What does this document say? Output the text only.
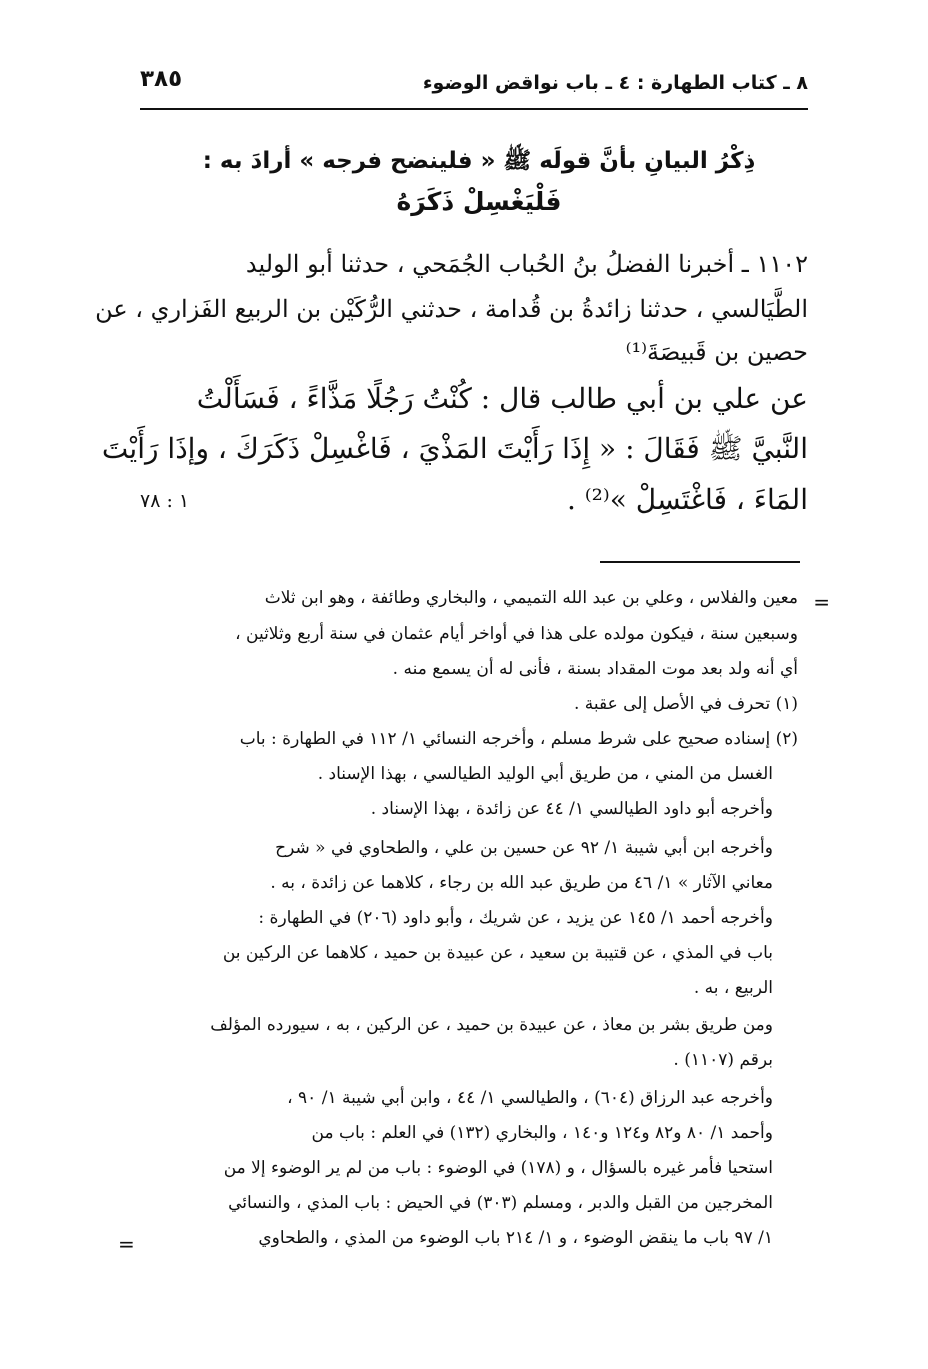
٨ ـ كتاب الطهارة : ٤ ـ باب نواقض الوضوء
٣٨٥
ذِكْرُ البيانِ بأنَّ قولَه ﷺ « فلينضح فرجه » أرادَ به :
فَلْيَغْسِلْ ذَكَرَهُ
١١٠٢ ـ أخبرنا الفضلُ بنُ الحُباب الجُمَحي ، حدثنا أبو الوليد
الطَّيَالسي ، حدثنا زائدةُ بن قُدامة ، حدثني الرُّكَيْن بن الربيع الفَزاري ، عن
حصين بن قَبيصَةَ⁽¹⁾
عن علي بن أبي طالب قال : كُنْتُ رَجُلًا مَذَّاءً ، فَسَأَلْتُ
النَّبيَّ ﷺ فَقَالَ : « إِذَا رَأَيْتَ المَذْيَ ، فَاغْسِلْ ذَكَرَكَ ، وإذَا رَأَيْتَ
المَاءَ ، فَاغْتَسِلْ »⁽²⁾ .
١ : ٧٨
=
معين والفلاس ، وعلي بن عبد الله التميمي ، والبخاري وطائفة ، وهو ابن ثلاث
وسبعين سنة ، فيكون مولده على هذا في أواخر أيام عثمان في سنة أربع وثلاثين ،
أي أنه ولد بعد موت المقداد بسنة ، فأنى له أن يسمع منه .
(١) تحرف في الأصل إلى عقبة .
(٢) إسناده صحيح على شرط مسلم ، وأخرجه النسائي ١/ ١١٢ في الطهارة : باب
الغسل من المني ، من طريق أبي الوليد الطيالسي ، بهذا الإسناد .
وأخرجه أبو داود الطيالسي ١/ ٤٤ عن زائدة ، بهذا الإسناد .
وأخرجه ابن أبي شيبة ١/ ٩٢ عن حسين بن علي ، والطحاوي في « شرح
معاني الآثار » ١/ ٤٦ من طريق عبد الله بن رجاء ، كلاهما عن زائدة ، به .
وأخرجه أحمد ١/ ١٤٥ عن يزيد ، عن شريك ، وأبو داود (٢٠٦) في الطهارة :
باب في المذي ، عن قتيبة بن سعيد ، عن عبيدة بن حميد ، كلاهما عن الركين بن
الربيع ، به .
ومن طريق بشر بن معاذ ، عن عبيدة بن حميد ، عن الركين ، به ، سيورده المؤلف
برقم (١١٠٧) .
وأخرجه عبد الرزاق (٦٠٤) ، والطيالسي ١/ ٤٤ ، وابن أبي شيبة ١/ ٩٠ ،
وأحمد ١/ ٨٠ و٨٢ و١٢٤ و١٤٠ ، والبخاري (١٣٢) في العلم : باب من
استحيا فأمر غيره بالسؤال ، و (١٧٨) في الوضوء : باب من لم ير الوضوء إلا من
المخرجين من القبل والدبر ، ومسلم (٣٠٣) في الحيض : باب المذي ، والنسائي
١/ ٩٧ باب ما ينقض الوضوء ، و ١/ ٢١٤ باب الوضوء من المذي ، والطحاوي
=
